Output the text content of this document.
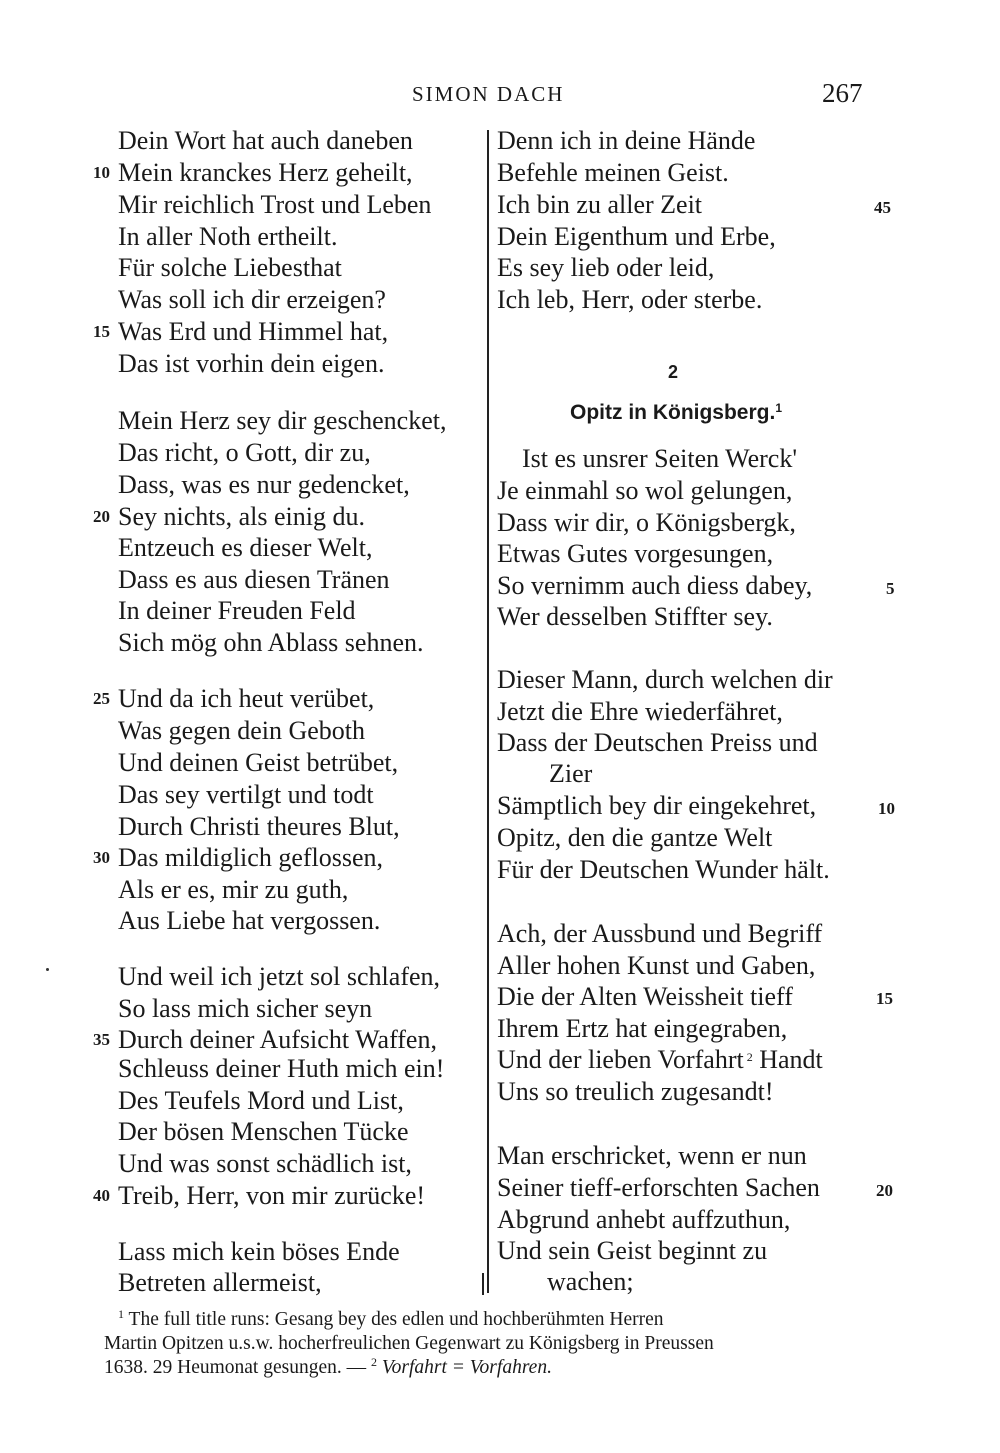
SIMON DACH	267
Dein Wort hat auch daneben
Mein kranckes Herz geheilt,
Mir reichlich Trost und Leben
In aller Noth ertheilt.
Für solche Liebesthat
Was soll ich dir erzeigen?
Was Erd und Himmel hat,
Das ist vorhin dein eigen.
Mein Herz sey dir geschencket,
Das richt, o Gott, dir zu,
Dass, was es nur gedencket,
Sey nichts, als einig du.
Entzeuch es dieser Welt,
Dass es aus diesen Tränen
In deiner Freuden Feld
Sich mög ohn Ablass sehnen.
Und da ich heut verübet,
Was gegen dein Geboth
Und deinen Geist betrübet,
Das sey vertilgt und todt
Durch Christi theures Blut,
Das mildiglich geflossen,
Als er es, mir zu guth,
Aus Liebe hat vergossen.
Und weil ich jetzt sol schlafen,
So lass mich sicher seyn
Durch deiner Aufsicht Waffen,
Schleuss deiner Huth mich ein!
Des Teufels Mord und List,
Der bösen Menschen Tücke
Und was sonst schädlich ist,
Treib, Herr, von mir zurücke!
Lass mich kein böses Ende
Betreten allermeist,
10
15
20
25
30
35
40
Denn ich in deine Hände
Befehle meinen Geist.
Ich bin zu aller Zeit
Dein Eigenthum und Erbe,
Es sey lieb oder leid,
Ich leb, Herr, oder sterbe.
Ist es unsrer Seiten Werck'
Je einmahl so wol gelungen,
Dass wir dir, o Königsbergk,
Etwas Gutes vorgesungen,
So vernimm auch diess dabey,
Wer desselben Stiffter sey.
Dieser Mann, durch welchen dir
Jetzt die Ehre wiederfähret,
Dass der Deutschen Preiss und
Zier
Sämptlich bey dir eingekehret,
Opitz, den die gantze Welt
Für der Deutschen Wunder hält.
Ach, der Aussbund und Begriff
Aller hohen Kunst und Gaben,
Die der Alten Weissheit tieff
Ihrem Ertz hat eingegraben,
Und der lieben Vorfahrt $^2$ Handt
Uns so treulich zugesandt!
Man erschricket, wenn er nun
Seiner tieff-erforschten Sachen
Abgrund anhebt auffzuthun,
Und sein Geist beginnt zu
wachen;
45
5
10
15
20
2
Opitz in Königsberg.$^1$
$^1$ The full title runs: Gesang bey des edlen und hochberühmten Herren
Martin Opitzen u.s.w. hocherfreulichen Gegenwart zu Königsberg in Preussen
1638. 29 Heumonat gesungen. — $^2$ Vorfahrt = Vorfahren.
